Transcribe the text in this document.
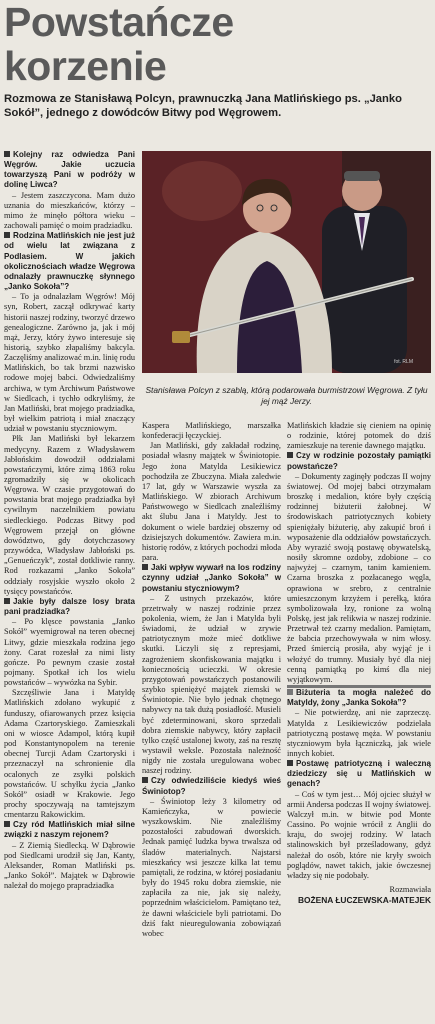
Powstańcze
korzenie

Rozmowa ze Stanisławą Polcyn, prawnuczką Jana Matlińskiego ps. „Janko Sokół”, jednego z dowódców Bitwy pod Węgrowem.

Kolejny raz odwiedza Pani Węgrów. Jakie uczucia towarzyszą Pani w podróży w dolinę Liwca?

– Jestem zaszczycona. Mam dużo uznania do mieszkańców, którzy – mimo że minęło półtora wieku – zachowali pamięć o moim pradziadku.

Rodzina Matlińskich nie jest już od wielu lat związana z Podlasiem. W jakich okolicznościach władze Węgrowa odnalazły prawnuczkę słynnego „Janko Sokoła”?

– To ja odnalazłam Węgrów! Mój syn, Robert, zaczął odkrywać karty historii naszej rodziny, tworzyć drzewo genealogiczne. Zarówno ja, jak i mój mąż, Jerzy, który żywo interesuje się historią, szybko złapaliśmy bakcyla. Zaczęliśmy analizować m.in. linię rodu Matlińskich, bo tak brzmi nazwisko rodowe mojej babci. Odwiedzaliśmy archiwa, w tym Archiwum Państwowe w Siedlcach, i tychło odkryliśmy, że Jan Matliński, brat mojego pradziadka, był wielkim patriotą i miał znaczący udział w powstaniu styczniowym.

Płk Jan Matliński był lekarzem medycyny. Razem z Władysławem Jabłońskim dowodził oddziałami powstańczymi, które zimą 1863 roku zgromadziły się w okolicach Węgrowa. W czasie przygotowań do powstania brat mojego pradziadka był cywilnym naczelnikiem powiatu siedleckiego. Podczas Bitwy pod Węgrowem przejął on główne dowództwo, gdy dotychczasowy przywódca, Władysław Jabłoński ps. „Genueńczyk”, został dotkliwie ranny. Rod rozkazami „Janko Sokoła” oddziały rosyjskie wyszło około 2 tysięcy powstańców.

Jakie były dalsze losy brata pani pradziadka?

– Po klęsce powstania „Janko Sokół” wyemigrował na teren obecnej Litwy, gdzie mieszkała rodzina jego żony. Carat rozesłał za nimi listy gończe. Po pewnym czasie został pojmany. Spotkał ich los wielu powstańców – wywózka na Sybir.

Szczęśliwie Jana i Matyldę Matlińskich zdołano wykupić z funduszy, ofiarowanych przez księcia Adama Czartoryskiego. Zamieszkali oni w wiosce Adampol, którą kupił pod Konstantynopolem na terenie obecnej Turcji Adam Czartoryski i przeznaczył na schronienie dla ocalonych ze zsyłki polskich powstańców. U schyłku życia „Janko Sokół” osiadł w Krakowie. Jego prochy spoczywają na tamtejszym cmentarzu Rakowickim.

Czy ród Matlińskich miał silne związki z naszym rejonem?

– Z Ziemią Siedlecką. W Dąbrowie pod Siedlcami urodził się Jan, Kanty, Aleksander, Roman Matliński ps. „Janko Sokół”. Majątek w Dąbrowie należał do mojego prapradziadka

fot. RLM

Stanisława Polcyn z szablą, którą podarowała burmistrzowi Węgrowa. Z tyłu jej mąż Jerzy.

Kaspera Matlińskiego, marszałka konfederacji łęczyckiej.

Jan Matliński, gdy zakładał rodzinę, posiadał własny majątek w Świniotopie. Jego żona Matylda Lesikiewicz pochodziła ze Zbuczyna. Miała zaledwie 17 lat, gdy w Warszawie wyszła za Matlińskiego. W zbiorach Archiwum Państwowego w Siedlcach znaleźliśmy akt ślubu Jana i Matyldy. Jest to dokument o wiele bardziej obszerny od dzisiejszych dokumentów. Zawiera m.in. historię rodów, z których pochodzi młoda para.

Jaki wpływ wywarł na los rodziny czynny udział „Janko Sokoła” w powstaniu styczniowym?

– Z ustnych przekazów, które przetrwały w naszej rodzinie przez pokolenia, wiem, że Jan i Matylda byli świadomi, że udział w zrywie patriotycznym może mieć dotkliwe skutki. Liczyli się z represjami, zagrożeniem skonfiskowania majątku i koniecznością ucieczki. W okresie przygotowań powstańczych postanowili szybko spieniężyć majątek ziemski w Świniotopie. Nie było jednak chętnego nabywcy na tak dużą posiadłość. Musieli być zdeterminowani, skoro sprzedali dobra ziemskie nabywcy, który zapłacił tylko część ustalonej kwoty, zaś na resztę wystawił weksle. Pozostała należność nigdy nie została uregulowana wobec naszej rodziny.

Czy odwiedziliście kiedyś wieś Świniotop?

– Świniotop leży 3 kilometry od Kamieńczyka, w powiecie wyszkowskim. Nie znaleźliśmy pozostałości zabudowań dworskich. Jednak pamięć ludzka bywa trwalsza od śladów materialnych. Najstarsi mieszkańcy wsi jeszcze kilka lat temu pamiętali, że rodzina, w której posiadaniu były do 1945 roku dobra ziemskie, nie zapłaciła za nie, jak się należy, poprzednim właścicielom. Pamiętano też, że dawni właściciele byli patriotami. Do dziś fakt nieuregulowania zobowiązań wobec

Matlińskich kładzie się cieniem na opinię o rodzinie, której potomek do dziś zamieszkuje na terenie dawnego majątku.

Czy w rodzinie pozostały pamiątki powstańcze?

– Dokumenty zaginęły podczas II wojny światowej. Od mojej babci otrzymałam broszkę i medalion, które były częścią rodzinnej biżuterii żałobnej. W środowiskach patriotycznych kobiety spieniężały biżuterię, aby zakupić broń i wyposażenie dla oddziałów powstańczych. Aby wyrazić swoją postawę obywatelską, nosiły skromne ozdoby, zdobione – co najwyżej – czarnym, tanim kamieniem. Czarna broszka z pozłacanego węgla, oprawiona w srebro, z centralnie umieszczonym krzyżem i perełką, która symbolizowała łzy, ronione za wolną Polskę, jest jak relikwia w naszej rodzinie. Przetrwał też czarny medalion. Pamiętam, że babcia przechowywała w nim włosy. Przed śmiercią prosiła, aby wyjąć je i włożyć do trumny. Musiały być dla niej cenną pamiątką po kimś dla niej wyjątkowym.

Biżuteria ta mogła należeć do Matyldy, żony „Janka Sokoła”?

– Nie potwierdzę, ani nie zaprzeczę. Matylda z Lesikiewiczów podzielała patriotyczną postawę męża. W powstaniu styczniowym była łączniczką, jak wiele innych kobiet.

Postawę patriotyczną i waleczną dziedziczy się u Matlińskich w genach?

– Coś w tym jest… Mój ojciec służył w armii Andersa podczas II wojny światowej. Walczył m.in. w bitwie pod Monte Cassino. Po wojnie wrócił z Anglii do kraju, do swojej rodziny. W latach stalinowskich był prześladowany, gdyż należał do osób, które nie kryły swoich poglądów, nawet takich, jakie ówczesnej władzy się nie podobały.

Rozmawiała

BOŻENA ŁUCZEWSKA-MATEJEK
